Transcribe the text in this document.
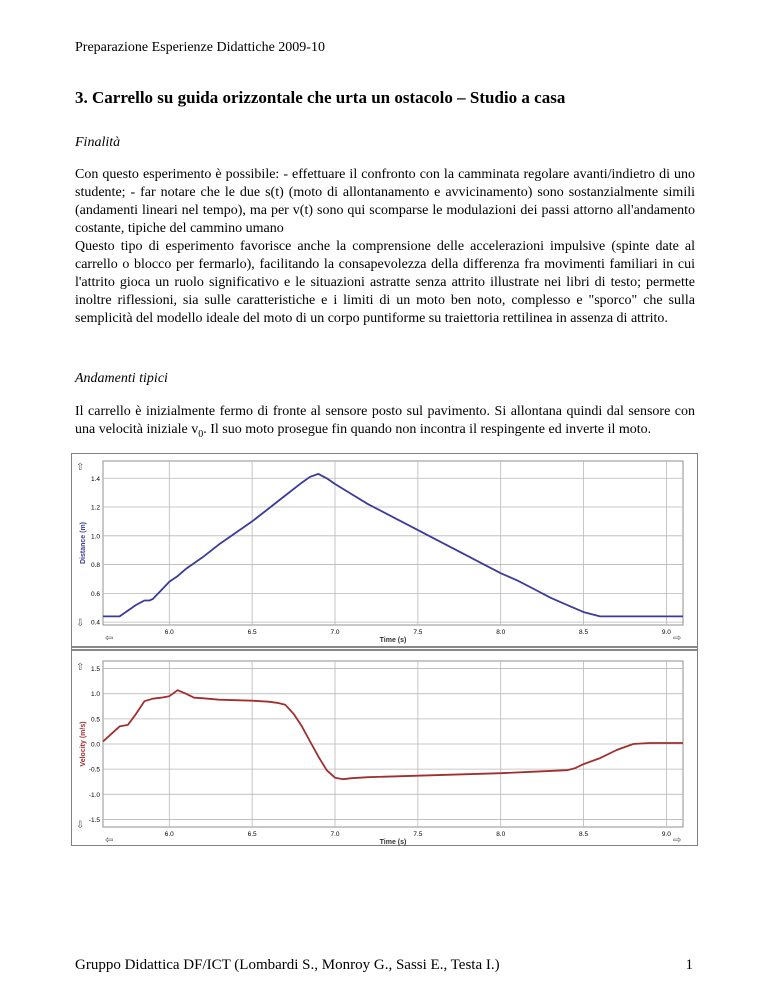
Preparazione Esperienze Didattiche 2009-10
3. Carrello su guida orizzontale che urta un ostacolo – Studio a casa
Finalità

Con questo esperimento è possibile: - effettuare il confronto con la camminata regolare avanti/indietro di uno studente; - far notare che le due s(t) (moto di allontanamento e avvicinamento) sono sostanzialmente simili (andamenti lineari nel tempo), ma per v(t) sono qui scomparse le modulazioni dei passi attorno all'andamento costante, tipiche del cammino umano

Questo tipo di esperimento favorisce anche la comprensione delle accelerazioni impulsive (spinte date al carrello o blocco per fermarlo), facilitando la consapevolezza della differenza fra movimenti familiari in cui l'attrito gioca un ruolo significativo e le situazioni astratte senza attrito illustrate nei libri di testo; permette inoltre riflessioni, sia sulle caratteristiche e i limiti di un moto ben noto, complesso e "sporco" che sulla semplicità del modello ideale del moto di un corpo puntiforme su traiettoria rettilinea in assenza di attrito.

Andamenti tipici
Il carrello è inizialmente fermo di fronte al sensore posto sul pavimento. Si allontana quindi dal sensore con una velocità iniziale $v_0$. Il suo moto prosegue fin quando non incontra il respingente ed inverte il moto.
6.0	6.5	7.0	7.5	8.0	8.5	9.0
0.4
0.6
0.8
1.0
1.2
1.4
Time (s)
Distance (m)
⇧
⇩
⇦	⇨
6.0	6.5	7.0	7.5	8.0	8.5	9.0
1.5
1.0
0.5
0.0
-0.5
-1.0
-1.5
Time (s)
Velocity (m/s)
⇧
⇩
⇦	⇨
Gruppo Didattica DF/ICT (Lombardi S., Monroy G., Sassi E., Testa I.)	1
